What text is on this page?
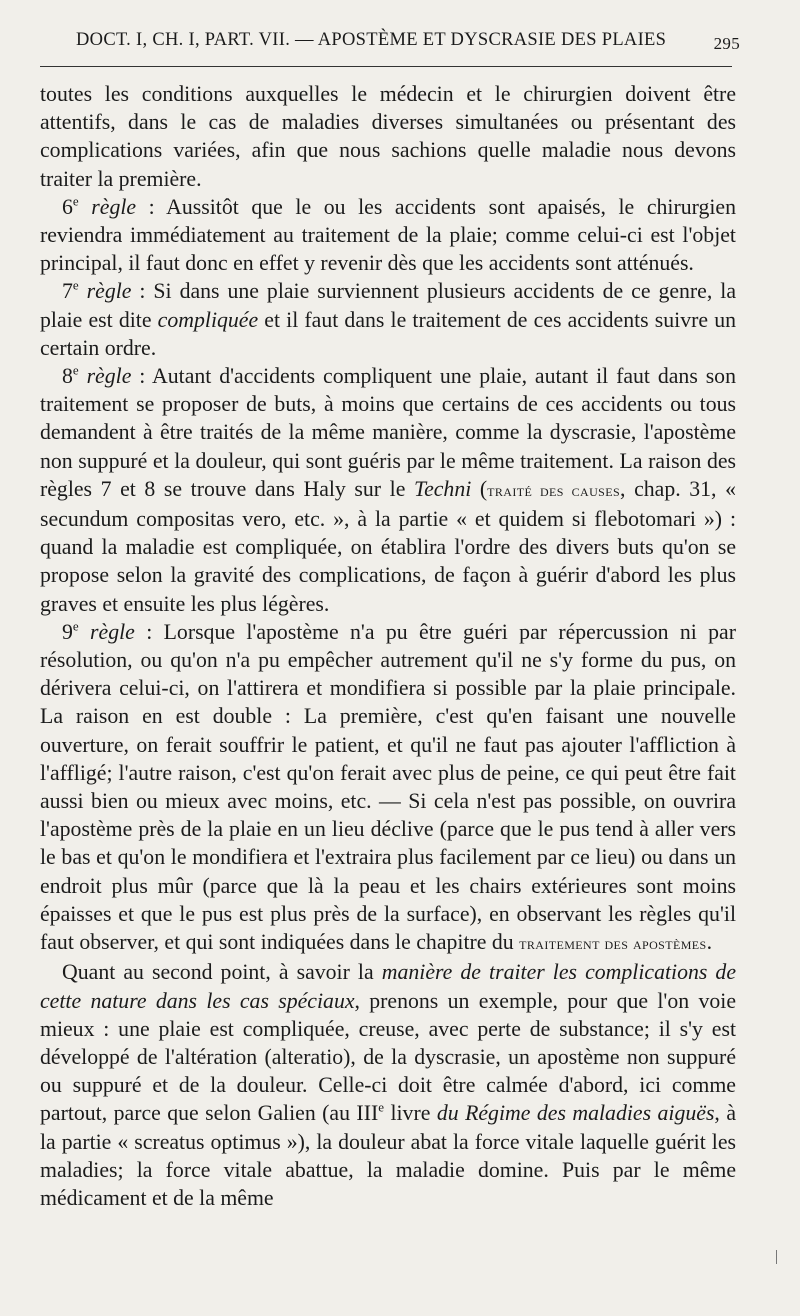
DOCT. I, CH. I, PART. VII. — APOSTÈME ET DYSCRASIE DES PLAIES	295

toutes les conditions auxquelles le médecin et le chirurgien doivent être attentifs, dans le cas de maladies diverses simultanées ou présentant des complications variées, afin que nous sachions quelle maladie nous devons traiter la première.

6e règle : Aussitôt que le ou les accidents sont apaisés, le chirurgien reviendra immédiatement au traitement de la plaie; comme celui-ci est l'objet principal, il faut donc en effet y revenir dès que les accidents sont atténués.

7e règle : Si dans une plaie surviennent plusieurs accidents de ce genre, la plaie est dite compliquée et il faut dans le traitement de ces accidents suivre un certain ordre.

8e règle : Autant d'accidents compliquent une plaie, autant il faut dans son traitement se proposer de buts, à moins que certains de ces accidents ou tous demandent à être traités de la même manière, comme la dyscrasie, l'apostème non suppuré et la douleur, qui sont guéris par le même traitement. La raison des règles 7 et 8 se trouve dans Haly sur le Techni (traité des causes, chap. 31, « secundum compositas vero, etc. », à la partie « et quidem si flebotomari ») : quand la maladie est compliquée, on établira l'ordre des divers buts qu'on se propose selon la gravité des complications, de façon à guérir d'abord les plus graves et ensuite les plus légères.

9e règle : Lorsque l'apostème n'a pu être guéri par répercussion ni par résolution, ou qu'on n'a pu empêcher autrement qu'il ne s'y forme du pus, on dérivera celui-ci, on l'attirera et mondifiera si possible par la plaie principale. La raison en est double : La première, c'est qu'en faisant une nouvelle ouverture, on ferait souffrir le patient, et qu'il ne faut pas ajouter l'affliction à l'affligé; l'autre raison, c'est qu'on ferait avec plus de peine, ce qui peut être fait aussi bien ou mieux avec moins, etc. — Si cela n'est pas possible, on ouvrira l'apostème près de la plaie en un lieu déclive (parce que le pus tend à aller vers le bas et qu'on le mondifiera et l'extraira plus facilement par ce lieu) ou dans un endroit plus mûr (parce que là la peau et les chairs extérieures sont moins épaisses et que le pus est plus près de la surface), en observant les règles qu'il faut observer, et qui sont indiquées dans le chapitre du traitement des apostèmes.

Quant au second point, à savoir la manière de traiter les complications de cette nature dans les cas spéciaux, prenons un exemple, pour que l'on voie mieux : une plaie est compliquée, creuse, avec perte de substance; il s'y est développé de l'altération (alteratio), de la dyscrasie, un apostème non suppuré ou suppuré et de la douleur. Celle-ci doit être calmée d'abord, ici comme partout, parce que selon Galien (au IIIe livre du Régime des maladies aiguës, à la partie « screatus optimus »), la douleur abat la force vitale laquelle guérit les maladies; la force vitale abattue, la maladie domine. Puis par le même médicament et de la même
